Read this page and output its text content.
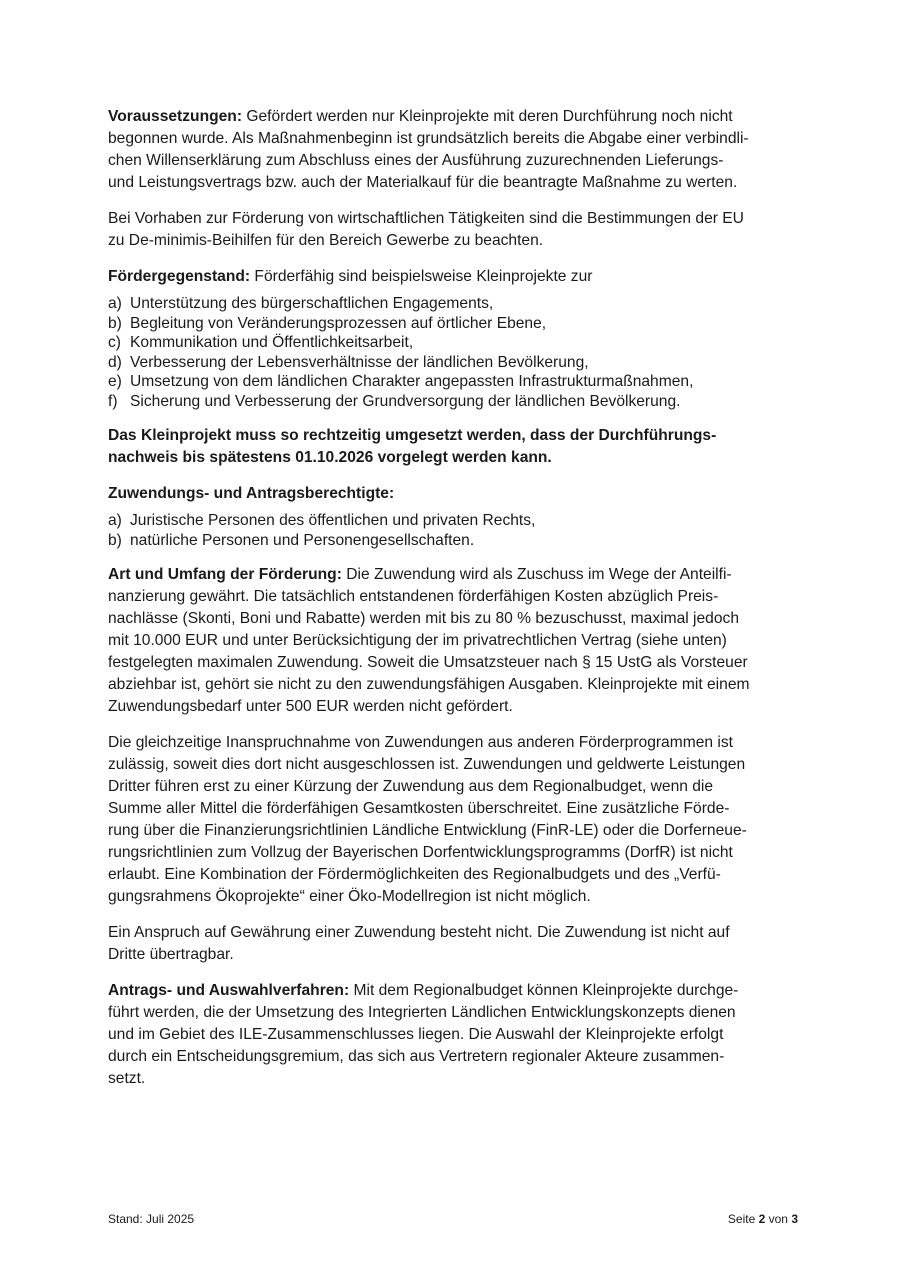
Voraussetzungen: Gefördert werden nur Kleinprojekte mit deren Durchführung noch nicht
begonnen wurde. Als Maßnahmenbeginn ist grundsätzlich bereits die Abgabe einer verbindli-
chen Willenserklärung zum Abschluss eines der Ausführung zuzurechnenden Lieferungs-
und Leistungsvertrags bzw. auch der Materialkauf für die beantragte Maßnahme zu werten.

Bei Vorhaben zur Förderung von wirtschaftlichen Tätigkeiten sind die Bestimmungen der EU
zu De-minimis-Beihilfen für den Bereich Gewerbe zu beachten.

Fördergegenstand: Förderfähig sind beispielsweise Kleinprojekte zur

a) Unterstützung des bürgerschaftlichen Engagements,
b) Begleitung von Veränderungsprozessen auf örtlicher Ebene,
c) Kommunikation und Öffentlichkeitsarbeit,
d) Verbesserung der Lebensverhältnisse der ländlichen Bevölkerung,
e) Umsetzung von dem ländlichen Charakter angepassten Infrastrukturmaßnahmen,
f) Sicherung und Verbesserung der Grundversorgung der ländlichen Bevölkerung.

Das Kleinprojekt muss so rechtzeitig umgesetzt werden, dass der Durchführungs-
nachweis bis spätestens 01.10.2026 vorgelegt werden kann.

Zuwendungs- und Antragsberechtigte:

a) Juristische Personen des öffentlichen und privaten Rechts,
b) natürliche Personen und Personengesellschaften.

Art und Umfang der Förderung: Die Zuwendung wird als Zuschuss im Wege der Anteilfi-
nanzierung gewährt. Die tatsächlich entstandenen förderfähigen Kosten abzüglich Preis-
nachlässe (Skonti, Boni und Rabatte) werden mit bis zu 80 % bezuschusst, maximal jedoch
mit 10.000 EUR und unter Berücksichtigung der im privatrechtlichen Vertrag (siehe unten)
festgelegten maximalen Zuwendung. Soweit die Umsatzsteuer nach § 15 UstG als Vorsteuer
abziehbar ist, gehört sie nicht zu den zuwendungsfähigen Ausgaben. Kleinprojekte mit einem
Zuwendungsbedarf unter 500 EUR werden nicht gefördert.

Die gleichzeitige Inanspruchnahme von Zuwendungen aus anderen Förderprogrammen ist
zulässig, soweit dies dort nicht ausgeschlossen ist. Zuwendungen und geldwerte Leistungen
Dritter führen erst zu einer Kürzung der Zuwendung aus dem Regionalbudget, wenn die
Summe aller Mittel die förderfähigen Gesamtkosten überschreitet. Eine zusätzliche Förde-
rung über die Finanzierungsrichtlinien Ländliche Entwicklung (FinR-LE) oder die Dorferneue-
rungsrichtlinien zum Vollzug der Bayerischen Dorfentwicklungsprogramms (DorfR) ist nicht
erlaubt. Eine Kombination der Fördermöglichkeiten des Regionalbudgets und des „Verfü-
gungsrahmens Ökoprojekte“ einer Öko-Modellregion ist nicht möglich.

Ein Anspruch auf Gewährung einer Zuwendung besteht nicht. Die Zuwendung ist nicht auf
Dritte übertragbar.

Antrags- und Auswahlverfahren: Mit dem Regionalbudget können Kleinprojekte durchge-
führt werden, die der Umsetzung des Integrierten Ländlichen Entwicklungskonzepts dienen
und im Gebiet des ILE-Zusammenschlusses liegen. Die Auswahl der Kleinprojekte erfolgt
durch ein Entscheidungsgremium, das sich aus Vertretern regionaler Akteure zusammen-
setzt.

Stand: Juli 2025	Seite 2 von 3
